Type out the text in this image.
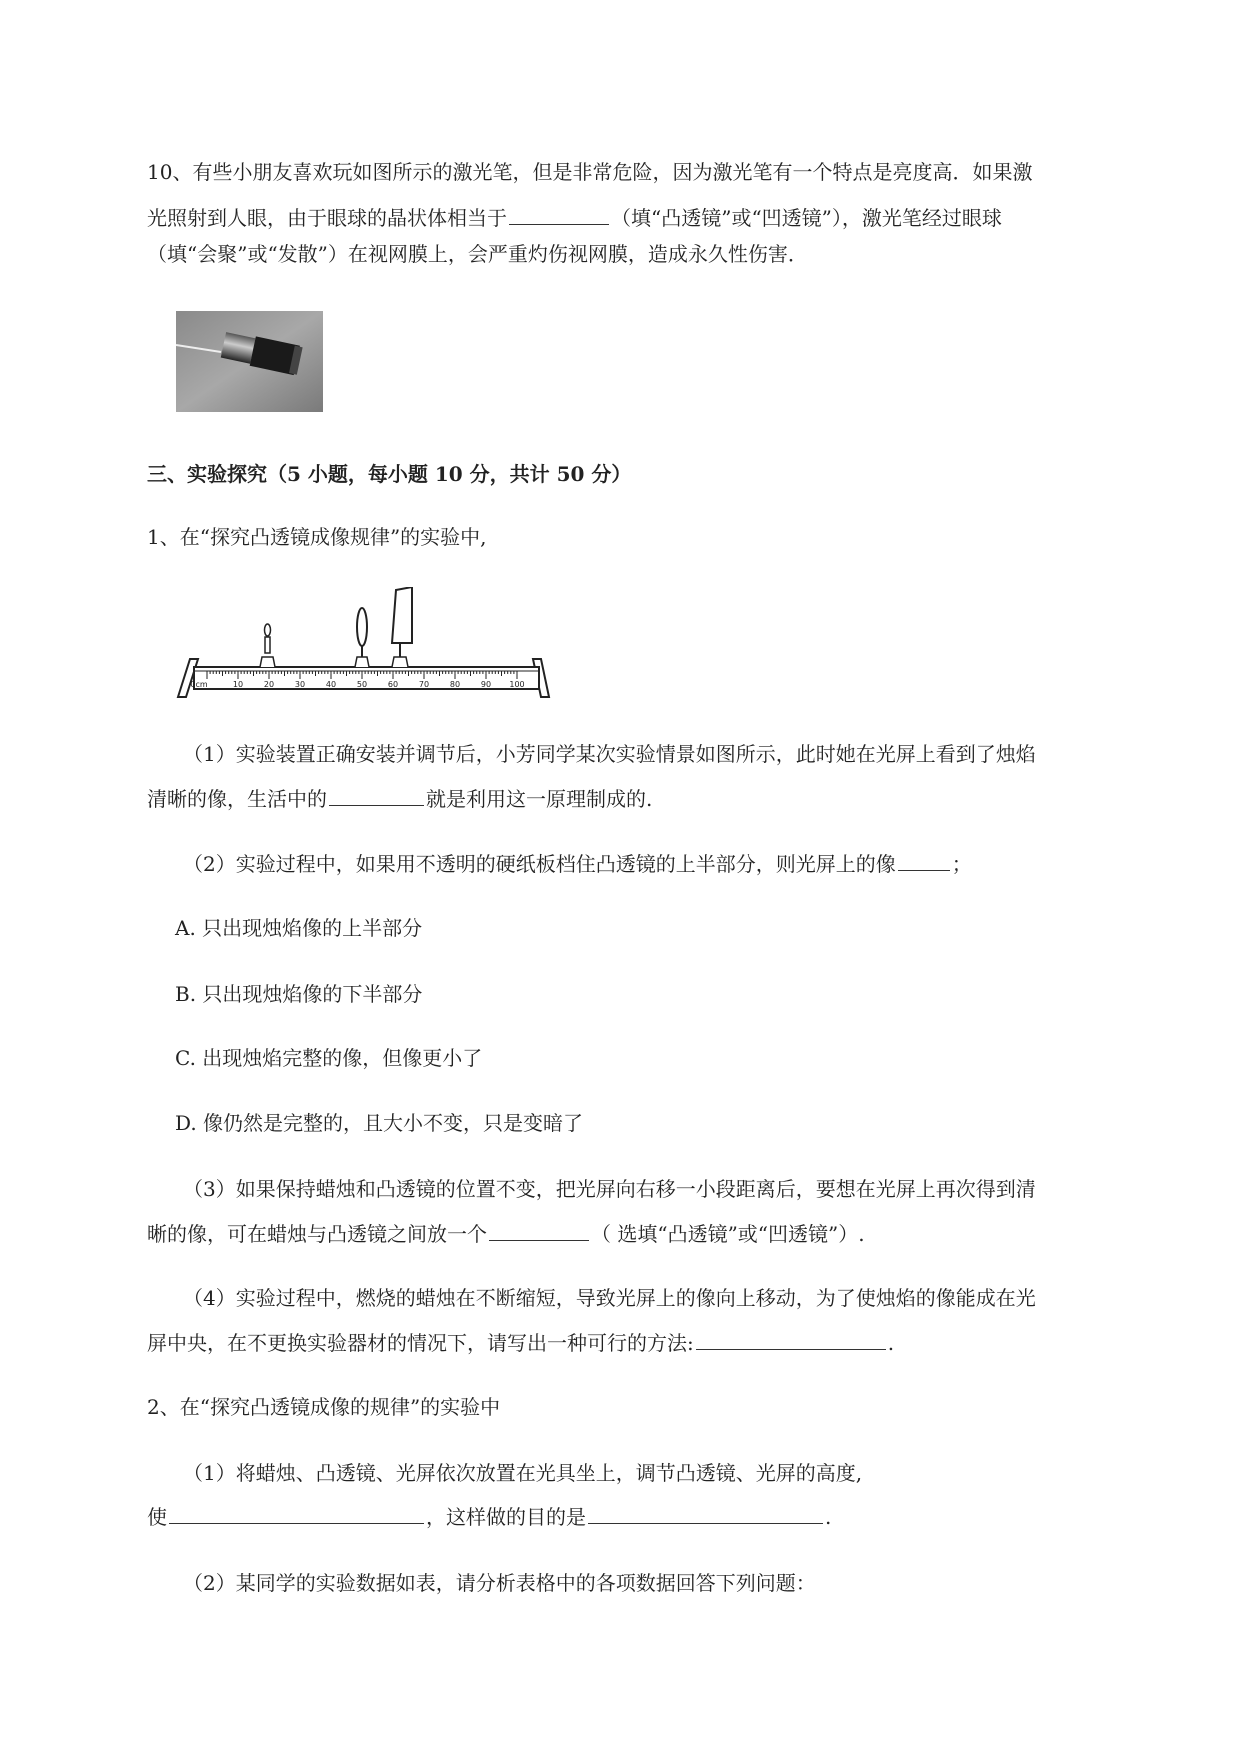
10、有些小朋友喜欢玩如图所示的激光笔，但是非常危险，因为激光笔有一个特点是亮度高．如果激
光照射到人眼，由于眼球的晶状体相当于	（填“凸透镜”或“凹透镜”），激光笔经过眼球
（填“会聚”或“发散”）在视网膜上，会严重灼伤视网膜，造成永久性伤害．
三、实验探究（5 小题，每小题 10 分，共计 50 分）
1、在“探究凸透镜成像规律”的实验中,
0cm	10	20	30	40	50	60	70	80	90 100
（1）实验装置正确安装并调节后，小芳同学某次实验情景如图所示，此时她在光屏上看到了烛焰
清晰的像，生活中的	就是利用这一原理制成的.
（2）实验过程中，如果用不透明的硬纸板档住凸透镜的上半部分，则光屏上的像	；
A. 只出现烛焰像的上半部分
B. 只出现烛焰像的下半部分
C. 出现烛焰完整的像，但像更小了
D. 像仍然是完整的，且大小不变，只是变暗了
（3）如果保持蜡烛和凸透镜的位置不变，把光屏向右移一小段距离后，要想在光屏上再次得到清
晰的像，可在蜡烛与凸透镜之间放一个	（ 选填“凸透镜”或“凹透镜”）.
（4）实验过程中，燃烧的蜡烛在不断缩短，导致光屏上的像向上移动，为了使烛焰的像能成在光
屏中央，在不更换实验器材的情况下，请写出一种可行的方法:	.
2、在“探究凸透镜成像的规律”的实验中
（1）将蜡烛、凸透镜、光屏依次放置在光具坐上，调节凸透镜、光屏的高度,
使	，这样做的目的是	.
（2）某同学的实验数据如表，请分析表格中的各项数据回答下列问题：
